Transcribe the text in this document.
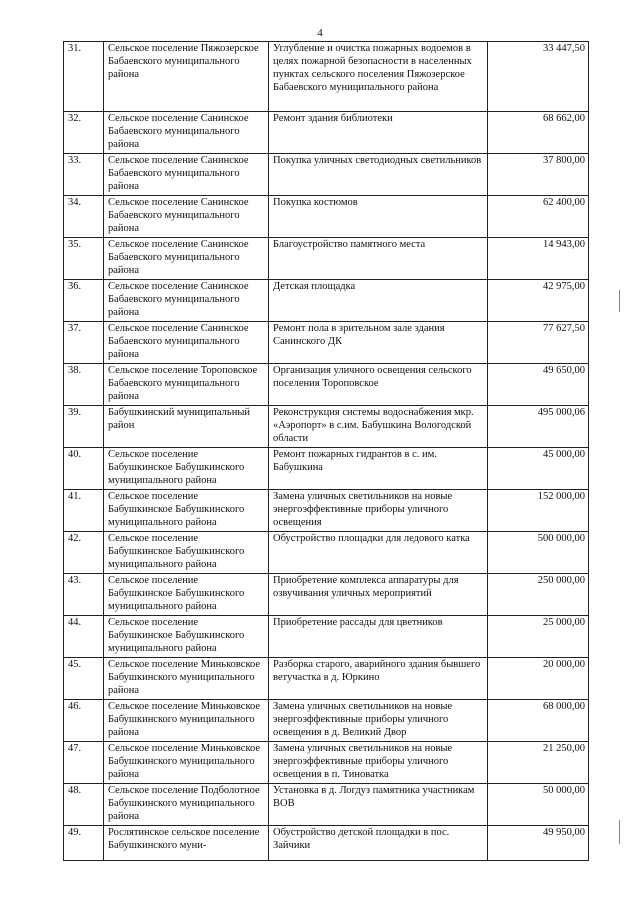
4
31.	Сельское поселение Пяжозерское Бабаевского муниципального района	Углубление и очистка пожарных водоемов в целях пожарной безопасности в населенных пунктах сельского поселения Пяжозерское Бабаевского муниципального района	33 447,50
32.	Сельское поселение Санинское Бабаевского муниципального района	Ремонт здания библиотеки	68 662,00
33.	Сельское поселение Санинское Бабаевского муниципального района	Покупка уличных светодиодных светильников	37 800,00
34.	Сельское поселение Санинское Бабаевского муниципального района	Покупка костюмов	62 400,00
35.	Сельское поселение Санинское Бабаевского муниципального района	Благоустройство памятного места	14 943,00
36.	Сельское поселение Санинское Бабаевского муниципального района	Детская площадка	42 975,00
37.	Сельское поселение Санинское Бабаевского муниципального района	Ремонт пола в зрительном зале здания Санинского ДК	77 627,50
38.	Сельское поселение Тороповское Бабаевского муниципального района	Организация уличного освещения сельского поселения Тороповское	49 650,00
39.	Бабушкинский муниципальный район	Реконструкция системы водоснабжения мкр. «Аэропорт» в с.им. Бабушкина Вологодской области	495 000,06
40.	Сельское поселение Бабушкинское Бабушкинского муниципального района	Ремонт пожарных гидрантов в с. им. Бабушкина	45 000,00
41.	Сельское поселение Бабушкинское Бабушкинского муниципального района	Замена уличных светильников на новые энергоэффективные приборы уличного освещения	152 000,00
42.	Сельское поселение Бабушкинское Бабушкинского муниципального района	Обустройство площадки для ледового катка	500 000,00
43.	Сельское поселение Бабушкинское Бабушкинского муниципального района	Приобретение комплекса аппаратуры для озвучивания уличных мероприятий	250 000,00
44.	Сельское поселение Бабушкинское Бабушкинского муниципального района	Приобретение рассады для цветников	25 000,00
45.	Сельское поселение Миньковское Бабушкинского муниципального района	Разборка старого, аварийного здания бывшего ветучастка в д. Юркино	20 000,00
46.	Сельское поселение Миньковское Бабушкинского муниципального района	Замена уличных светильников на новые энергоэффективные приборы уличного освещения в д. Великий Двор	68 000,00
47.	Сельское поселение Миньковское Бабушкинского муниципального района	Замена уличных светильников на новые энергоэффективные приборы уличного освещения в п. Тиноватка	21 250,00
48.	Сельское поселение Подболотное Бабушкинского муниципального района	Установка в д. Логдуз памятника участникам ВОВ	50 000,00
49.	Рослятинское сельское поселение Бабушкинского муни-	Обустройство детской площадки в пос. Зайчики	49 950,00
